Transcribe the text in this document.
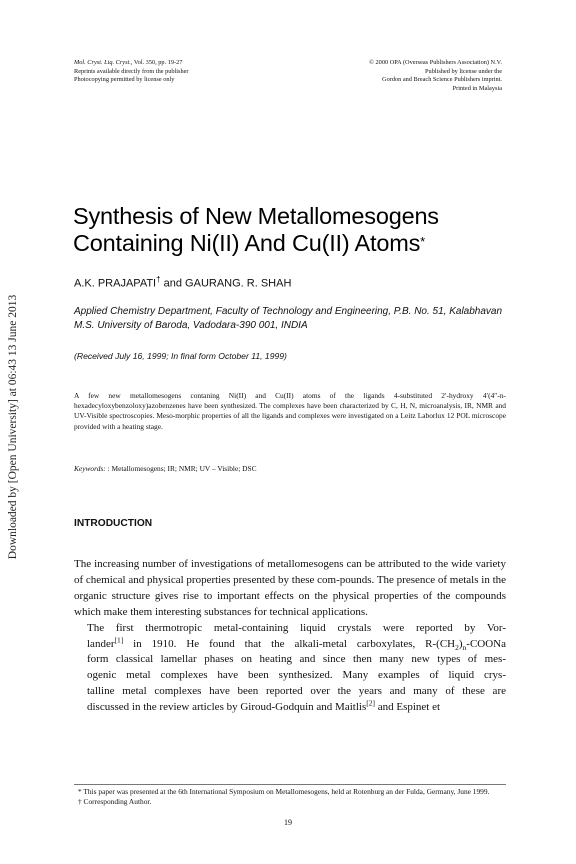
Downloaded by [Open University] at 06:43 13 June 2013
Mol. Cryst. Liq. Cryst., Vol. 350, pp. 19-27
Reprints available directly from the publisher
Photocopying permitted by license only
© 2000 OPA (Overseas Publishers Association) N.V.
Published by license under the
Gordon and Breach Science Publishers imprint.
Printed in Malaysia
Synthesis of New Metallomesogens
Containing Ni(II) And Cu(II) Atoms*
A.K. PRAJAPATI† and GAURANG. R. SHAH
Applied Chemistry Department, Faculty of Technology and Engineering, P.B. No. 51, Kalabhavan M.S. University of Baroda, Vadodara-390 001, INDIA
(Received July 16, 1999; In final form October 11, 1999)
A few new metallomesogens contaning Ni(II) and Cu(II) atoms of the ligands 4-substituted 2′-hydroxy 4′(4″-n-hexadecyloxybenzoloxy)azobenzenes have been synthesized. The complexes have been characterized by C, H, N, microanalysis, IR, NMR and UV-Visible spectroscopies. Meso-morphic properties of all the ligands and complexes were investigated on a Leitz Laborlux 12 POL microscope provided with a heating stage.
Keywords: : Metallomesogens; IR; NMR; UV – Visible; DSC
INTRODUCTION

The increasing number of investigations of metallomesogens can be attributed to the wide variety of chemical and physical properties presented by these com-pounds. The presence of metals in the organic structure gives rise to important effects on the physical properties of the compounds which make them interesting substances for technical applications.

The first thermotropic metal-containing liquid crystals were reported by Vor-
lander[1] in 1910. He found that the alkali-metal carboxylates, $R-(CH_2)_n$-COONa
form classical lamellar phases on heating and since then many new types of mes-
ogenic metal complexes have been synthesized. Many examples of liquid crys-
talline metal complexes have been reported over the years and many of these are
discussed in the review articles by Giroud-Godquin and Maitlis[2] and Espinet et

* This paper was presented at the 6th International Symposium on Metallomesogens, held at Rotenburg an der Fulda, Germany, June 1999.
† Corresponding Author.
19
